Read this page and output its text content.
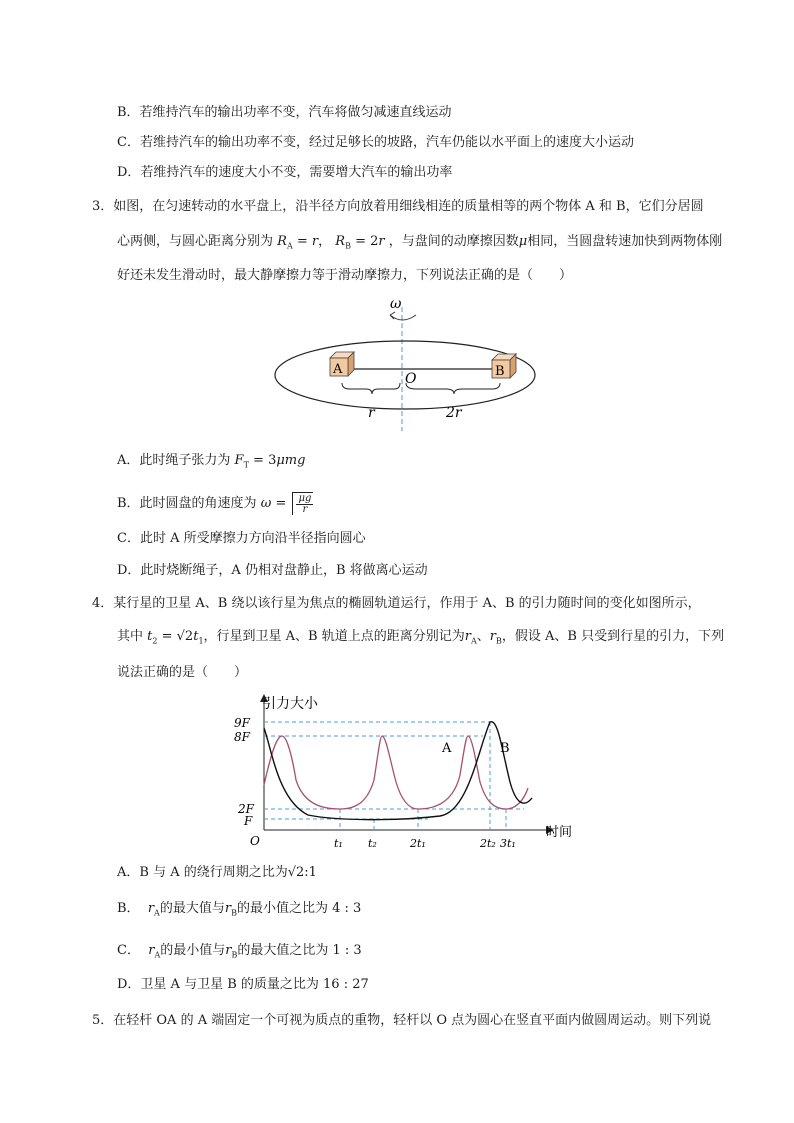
B．若维持汽车的输出功率不变，汽车将做匀减速直线运动
C．若维持汽车的输出功率不变，经过足够长的坡路，汽车仍能以水平面上的速度大小运动
D．若维持汽车的速度大小不变，需要增大汽车的输出功率
3．如图，在匀速转动的水平盘上，沿半径方向放着用细线相连的质量相等的两个物体 A 和 B，它们分居圆
心两侧，与圆心距离分别为 $R_A = r$， $R_B = 2r$ ，与盘间的动摩擦因数μ相同，当圆盘转速加快到两物体刚
好还未发生滑动时，最大静摩擦力等于滑动摩擦力，下列说法正确的是（　　）
ω
A	B
O
r	2r
A．此时绳子张力为 $F_T = 3\mu mg$
B．此时圆盘的角速度为 $\omega = \frac{\mu g}{r}$
C．此时 A 所受摩擦力方向沿半径指向圆心
D．此时烧断绳子，A 仍相对盘静止，B 将做离心运动
4．某行星的卫星 A、B 绕以该行星为焦点的椭圆轨道运行，作用于 A、B 的引力随时间的变化如图所示，
其中 $t_2 = √2t_1$，行星到卫星 A、B 轨道上点的距离分别记为$r_A$、$r_B$，假设 A、B 只受到行星的引力，下列
说法正确的是（　　）
引力大小
时间
9F
8F
2F
F
O	t₁ t₂	2t₁	2t₂ 3t₁
A	B
A．B 与 A 的绕行周期之比为√2:1
B． $r_A$的最大值与$r_B$的最小值之比为 4 : 3
C． $r_A$的最小值与$r_B$的最大值之比为 1 : 3
D．卫星 A 与卫星 B 的质量之比为 16 : 27
5．在轻杆 OA 的 A 端固定一个可视为质点的重物，轻杆以 O 点为圆心在竖直平面内做圆周运动。则下列说
